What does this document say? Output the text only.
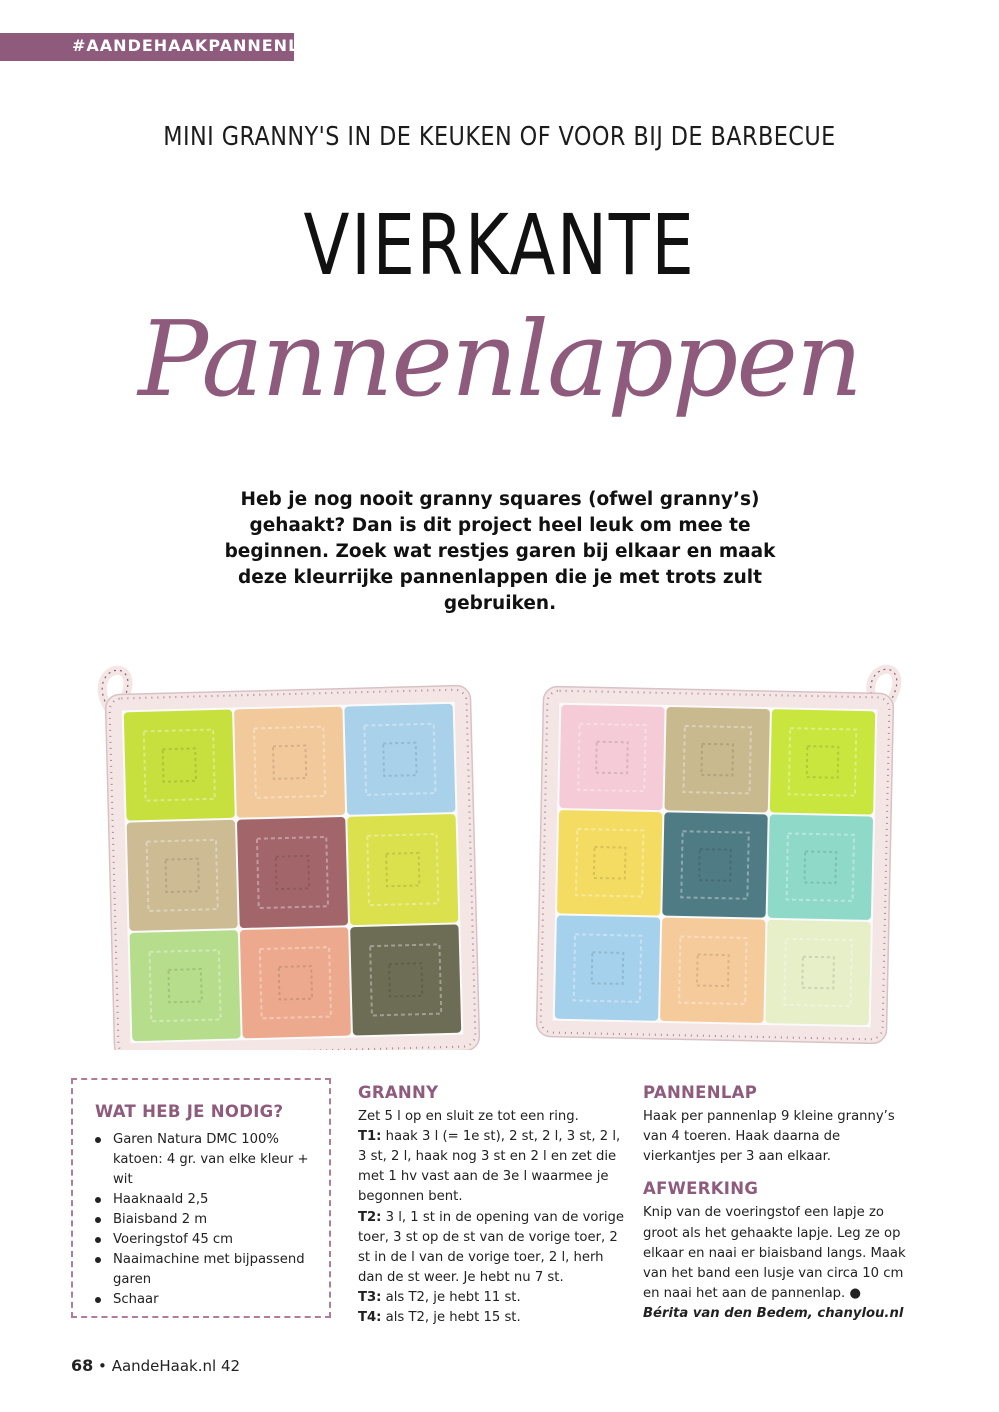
#AANDEHAAKPANNENLAP
MINI GRANNY'S IN DE KEUKEN OF VOOR BIJ DE BARBECUE
VIERKANTE
Pannenlappen
Heb je nog nooit granny squares (ofwel granny’s) gehaakt? Dan is dit project heel leuk om mee te beginnen. Zoek wat restjes garen bij elkaar en maak deze kleurrijke pannenlappen die je met trots zult gebruiken.
WAT HEB JE NODIG?
Garen Natura DMC 100% katoen: 4 gr. van elke kleur + wit
Haaknaald 2,5
Biaisband 2 m
Voeringstof 45 cm
Naaimachine met bijpassend garen
Schaar
GRANNY

Zet 5 l op en sluit ze tot een ring.

T1: haak 3 l (= 1e st), 2 st, 2 l, 3 st, 2 l, 3 st, 2 l, haak nog 3 st en 2 l en zet die met 1 hv vast aan de 3e l waarmee je begonnen bent.

T2: 3 l, 1 st in de opening van de vorige toer, 3 st op de st van de vorige toer, 2 st in de l van de vorige toer, 2 l, herh dan de st weer. Je hebt nu 7 st.

T3: als T2, je hebt 11 st.

T4: als T2, je hebt 15 st.

PANNENLAP

Haak per pannenlap 9 kleine granny’s van 4 toeren. Haak daarna de vierkantjes per 3 aan elkaar.

AFWERKING

Knip van de voeringstof een lapje zo groot als het gehaakte lapje. Leg ze op elkaar en naai er biaisband langs. Maak van het band een lusje van circa 10 cm en naai het aan de pannenlap. ●

Bérita van den Bedem, chanylou.nl

68 • AandeHaak.nl 42
